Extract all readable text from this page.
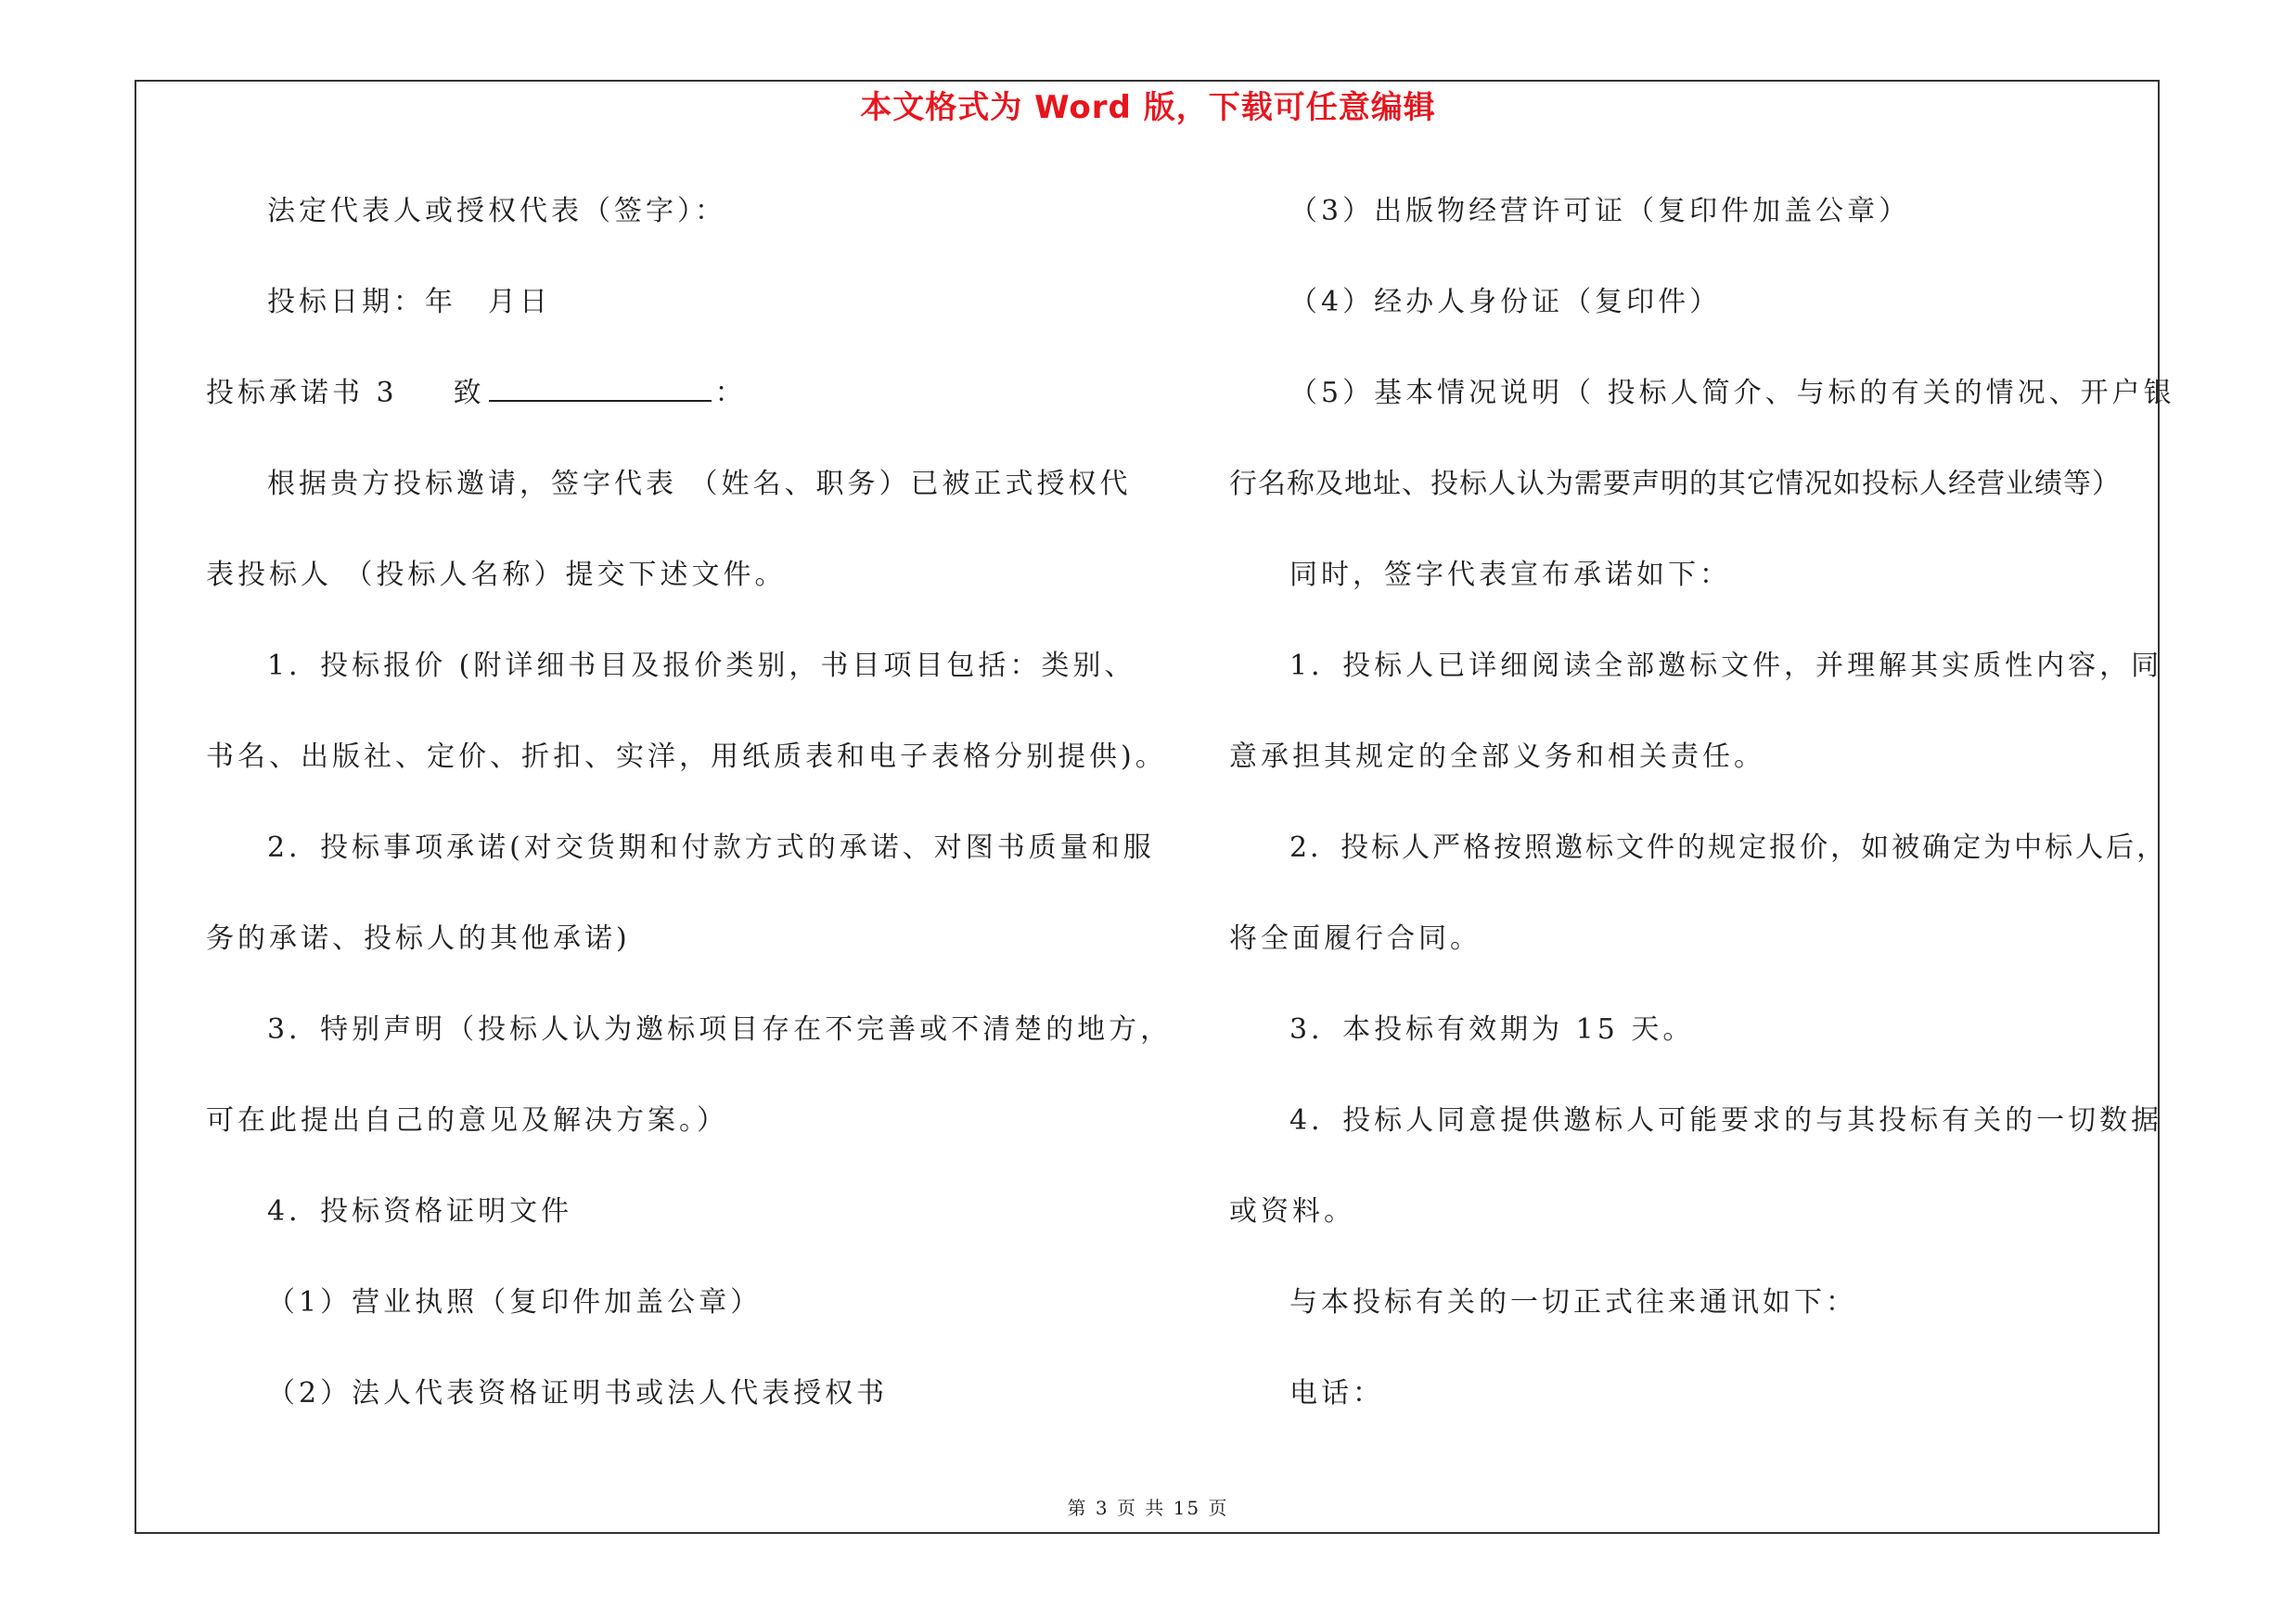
本文格式为 Word 版，下载可任意编辑
法定代表人或授权代表（签字）：
投标日期：年　月日
投标承诺书 3 致	：
根据贵方投标邀请，签字代表 （姓名、职务）已被正式授权代
表投标人 （投标人名称）提交下述文件。
1．投标报价 (附详细书目及报价类别，书目项目包括：类别、
书名、出版社、定价、折扣、实洋，用纸质表和电子表格分别提供)。
2．投标事项承诺(对交货期和付款方式的承诺、对图书质量和服
务的承诺、投标人的其他承诺)
3．特别声明（投标人认为邀标项目存在不完善或不清楚的地方，
可在此提出自己的意见及解决方案。）
4．投标资格证明文件
（1）营业执照（复印件加盖公章）
（2）法人代表资格证明书或法人代表授权书
（3）出版物经营许可证（复印件加盖公章）
（4）经办人身份证（复印件）
（5）基本情况说明（ 投标人简介、与标的有关的情况、开户银
行名称及地址、投标人认为需要声明的其它情况如投标人经营业绩等）
同时，签字代表宣布承诺如下：
1．投标人已详细阅读全部邀标文件，并理解其实质性内容，同
意承担其规定的全部义务和相关责任。
2．投标人严格按照邀标文件的规定报价，如被确定为中标人后，
将全面履行合同。
3．本投标有效期为 15 天。
4．投标人同意提供邀标人可能要求的与其投标有关的一切数据
或资料。
与本投标有关的一切正式往来通讯如下：
电话：
第 3 页 共 15 页
